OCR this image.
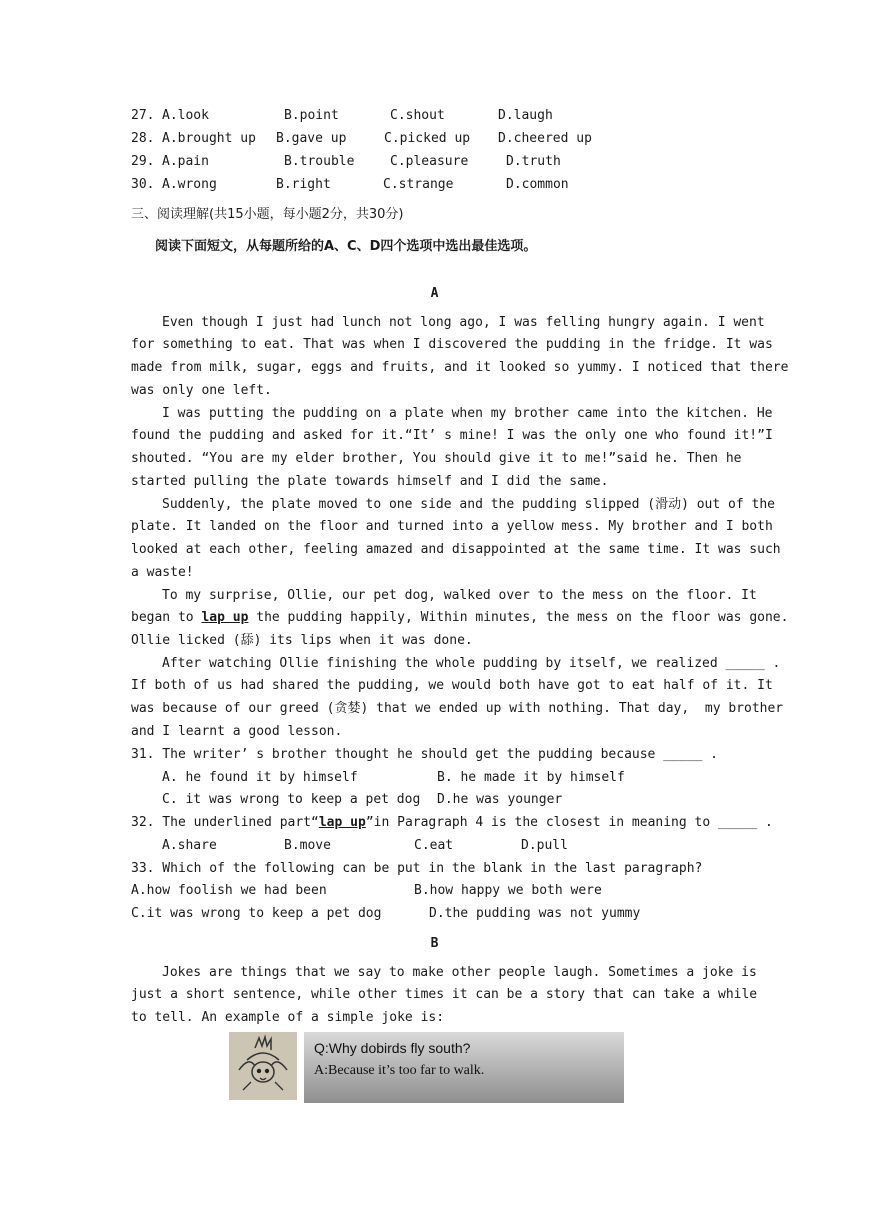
27. A.look	B.point	C.shout	D.laugh
28. A.brought up B.gave up	C.picked up D.cheered up
29. A.pain	B.trouble	C.pleasure	D.truth
30. A.wrong	B.right	C.strange	D.common
三、阅读理解(共15小题，每小题2分，共30分)
阅读下面短文，从每题所给的A、C、D四个选项中选出最佳选项。
A
Even though I just had lunch not long ago, I was felling hungry again. I went
for something to eat. That was when I discovered the pudding in the fridge. It was
made from milk, sugar, eggs and fruits, and it looked so yummy. I noticed that there
was only one left.
I was putting the pudding on a plate when my brother came into the kitchen. He
found the pudding and asked for it.“It’ s mine! I was the only one who found it!”I
shouted. “You are my elder brother, You should give it to me!”said he. Then he
started pulling the plate towards himself and I did the same.
Suddenly, the plate moved to one side and the pudding slipped (滑动) out of the
plate. It landed on the floor and turned into a yellow mess. My brother and I both
looked at each other, feeling amazed and disappointed at the same time. It was such
a waste!
To my surprise, Ollie, our pet dog, walked over to the mess on the floor. It
began to lap up the pudding happily, Within minutes, the mess on the floor was gone.
Ollie licked (舔) its lips when it was done.
After watching Ollie finishing the whole pudding by itself, we realized _____ .
If both of us had shared the pudding, we would both have got to eat half of it. It
was because of our greed (贪婪) that we ended up with nothing. That day,  my brother
and I learnt a good lesson.
31. The writer’ s brother thought he should get the pudding because _____ .
A. he found it by himself	B. he made it by himself
C. it was wrong to keep a pet dog D.he was younger
32. The underlined part“lap up”in Paragraph 4 is the closest in meaning to _____ .
A.share	B.move	C.eat	D.pull
33. Which of the following can be put in the blank in the last paragraph?
A.how foolish we had been	B.how happy we both were
C.it was wrong to keep a pet dog	D.the pudding was not yummy
B
Jokes are things that we say to make other people laugh. Sometimes a joke is
just a short sentence, while other times it can be a story that can take a while
to tell. An example of a simple joke is:
Q:Why dobirds fly south?
A:Because it’s too far to walk.
